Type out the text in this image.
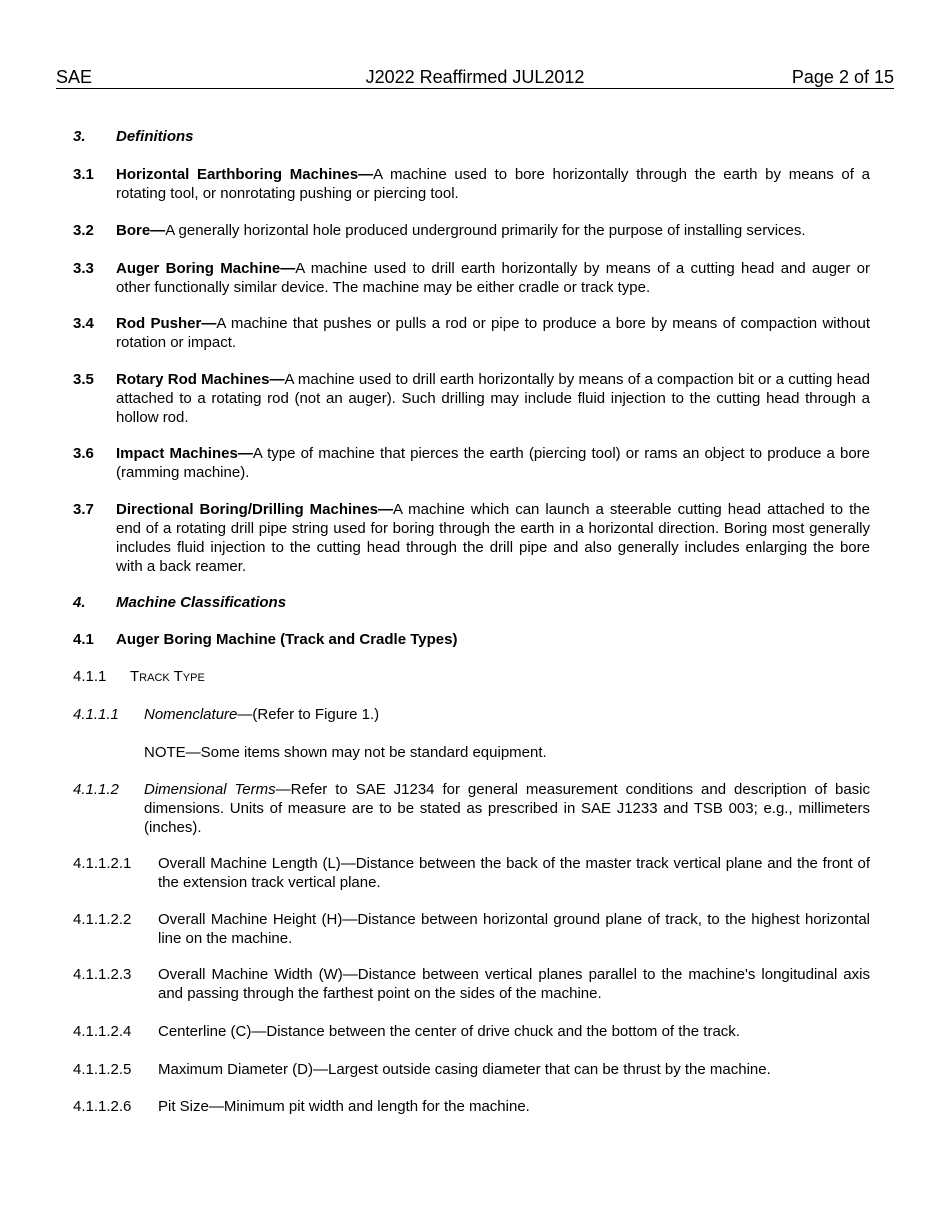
SAE	J2022 Reaffirmed JUL2012	Page 2 of 15
3. Definitions
3.1 Horizontal Earthboring Machines—A machine used to bore horizontally through the earth by means of a rotating tool, or nonrotating pushing or piercing tool.
3.2 Bore—A generally horizontal hole produced underground primarily for the purpose of installing services.
3.3 Auger Boring Machine—A machine used to drill earth horizontally by means of a cutting head and auger or other functionally similar device. The machine may be either cradle or track type.
3.4 Rod Pusher—A machine that pushes or pulls a rod or pipe to produce a bore by means of compaction without rotation or impact.
3.5 Rotary Rod Machines—A machine used to drill earth horizontally by means of a compaction bit or a cutting head attached to a rotating rod (not an auger). Such drilling may include fluid injection to the cutting head through a hollow rod.
3.6 Impact Machines—A type of machine that pierces the earth (piercing tool) or rams an object to produce a bore (ramming machine).
3.7 Directional Boring/Drilling Machines—A machine which can launch a steerable cutting head attached to the end of a rotating drill pipe string used for boring through the earth in a horizontal direction. Boring most generally includes fluid injection to the cutting head through the drill pipe and also generally includes enlarging the bore with a back reamer.
4. Machine Classifications
4.1 Auger Boring Machine (Track and Cradle Types)
4.1.1 Track Type
4.1.1.1 Nomenclature—(Refer to Figure 1.)
NOTE—Some items shown may not be standard equipment.
4.1.1.2 Dimensional Terms—Refer to SAE J1234 for general measurement conditions and description of basic dimensions. Units of measure are to be stated as prescribed in SAE J1233 and TSB 003; e.g., millimeters (inches).
4.1.1.2.1 Overall Machine Length (L)—Distance between the back of the master track vertical plane and the front of the extension track vertical plane.
4.1.1.2.2 Overall Machine Height (H)—Distance between horizontal ground plane of track, to the highest horizontal line on the machine.
4.1.1.2.3 Overall Machine Width (W)—Distance between vertical planes parallel to the machine's longitudinal axis and passing through the farthest point on the sides of the machine.
4.1.1.2.4 Centerline (C)—Distance between the center of drive chuck and the bottom of the track.
4.1.1.2.5 Maximum Diameter (D)—Largest outside casing diameter that can be thrust by the machine.
4.1.1.2.6 Pit Size—Minimum pit width and length for the machine.
